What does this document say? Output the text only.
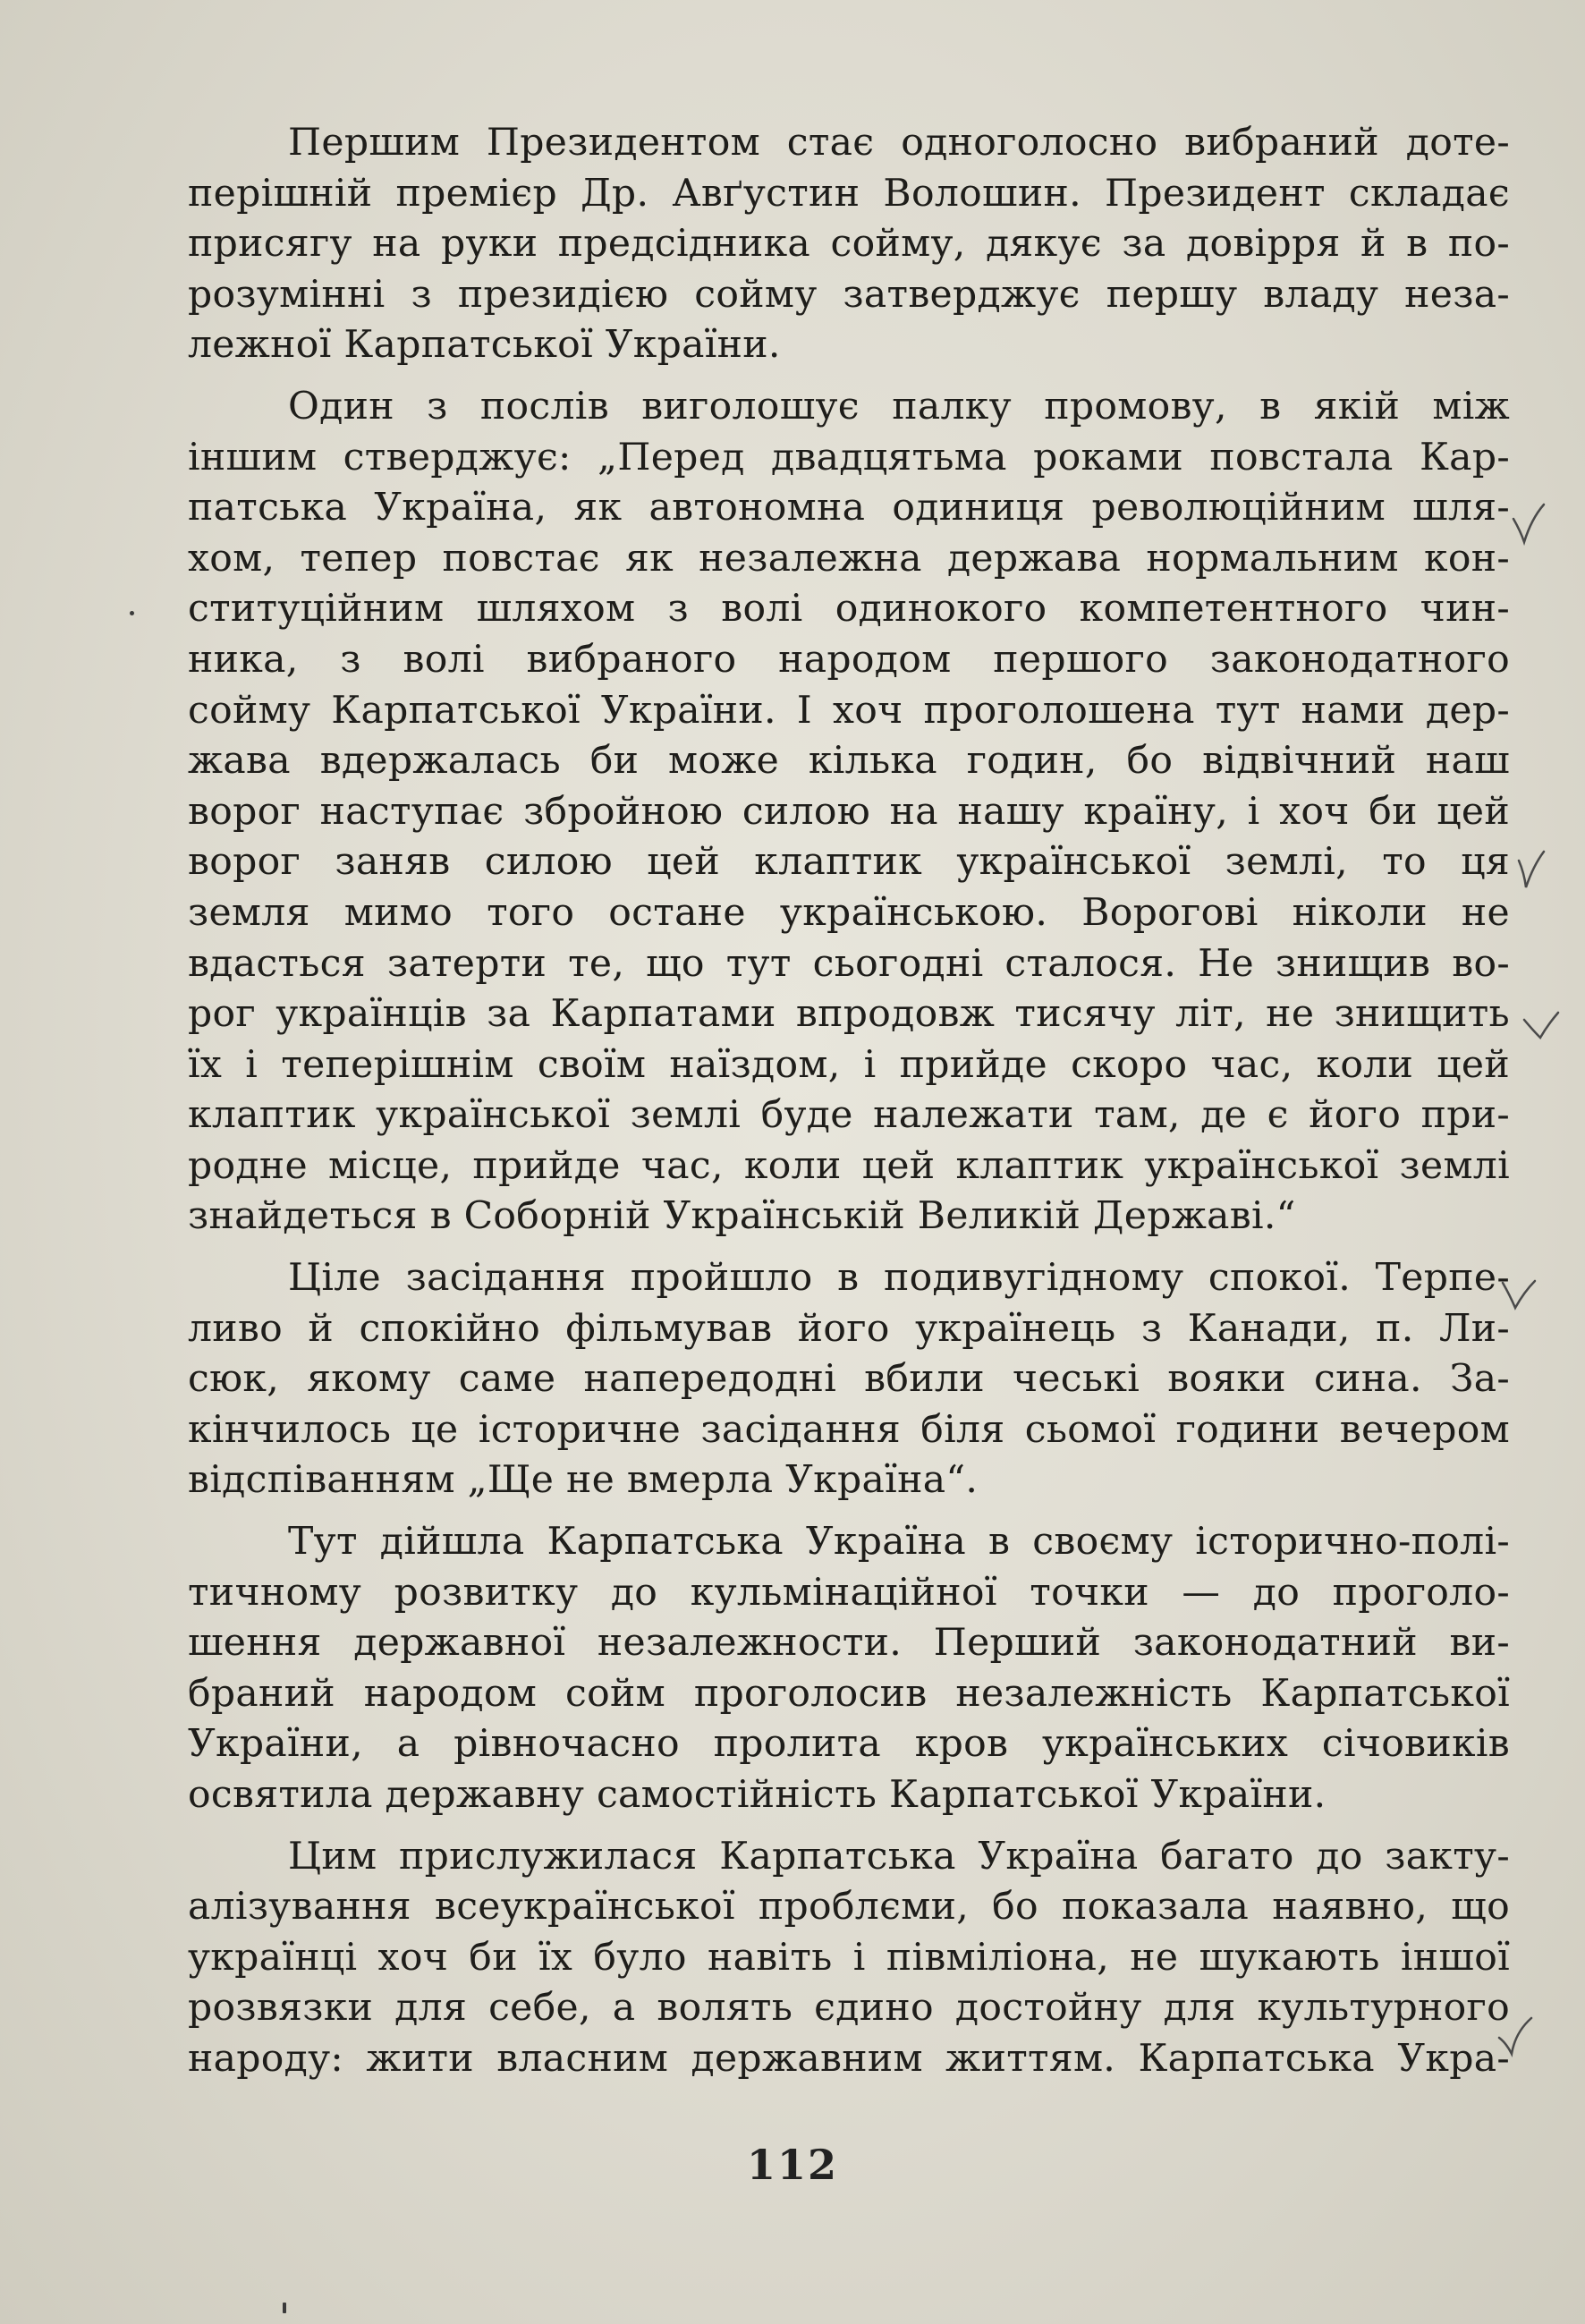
Першим Президентом стає одноголосно вибраний доте-
перішній премієр Др. Авґустин Волошин. Президент складає
присягу на руки предсідника сойму, дякує за довірря й в по-
розумінні з президією сойму затверджує першу владу неза-
лежної Карпатської України.
Один з послів виголошує палку промову, в якій між
іншим стверджує: „Перед двадцятьма роками повстала Кар-
патська Україна, як автономна одиниця революційним шля-
хом, тепер повстає як незалежна держава нормальним кон-
ституційним шляхом з волі одинокого компетентного чин-
ника, з волі вибраного народом першого законодатного
сойму Карпатської України. І хоч проголошена тут нами дер-
жава вдержалась би може кілька годин, бо відвічний наш
ворог наступає збройною силою на нашу країну, і хоч би цей
ворог заняв силою цей клаптик української землі, то ця
земля мимо того остане українською. Ворогові ніколи не
вдасться затерти те, що тут сьогодні сталося. Не знищив во-
рог українців за Карпатами впродовж тисячу літ, не знищить
їх і теперішнім своїм наїздом, і прийде скоро час, коли цей
клаптик української землі буде належати там, де є його при-
родне місце, прийде час, коли цей клаптик української землі
знайдеться в Соборній Українській Великій Державі.“
Ціле засідання пройшло в подивугідному спокої. Терпе-
ливо й спокійно фільмував його українець з Канади, п. Ли-
сюк, якому саме напередодні вбили чеські вояки сина. За-
кінчилось це історичне засідання біля сьомої години вечером
відспіванням „Ще не вмерла Україна“.
Тут дійшла Карпатська Україна в своєму історично-полі-
тичному розвитку до кульмінаційної точки — до проголо-
шення державної незалежности. Перший законодатний ви-
браний народом сойм проголосив незалежність Карпатської
України, а рівночасно пролита кров українських січовиків
освятила державну самостійність Карпатської України.
Цим прислужилася Карпатська Україна багато до закту-
алізування всеукраїнської проблєми, бо показала наявно, що
українці хоч би їх було навіть і півміліона, не шукають іншої
розвязки для себе, а волять єдино достойну для культурного
народу: жити власним державним життям. Карпатська Укра-
112
